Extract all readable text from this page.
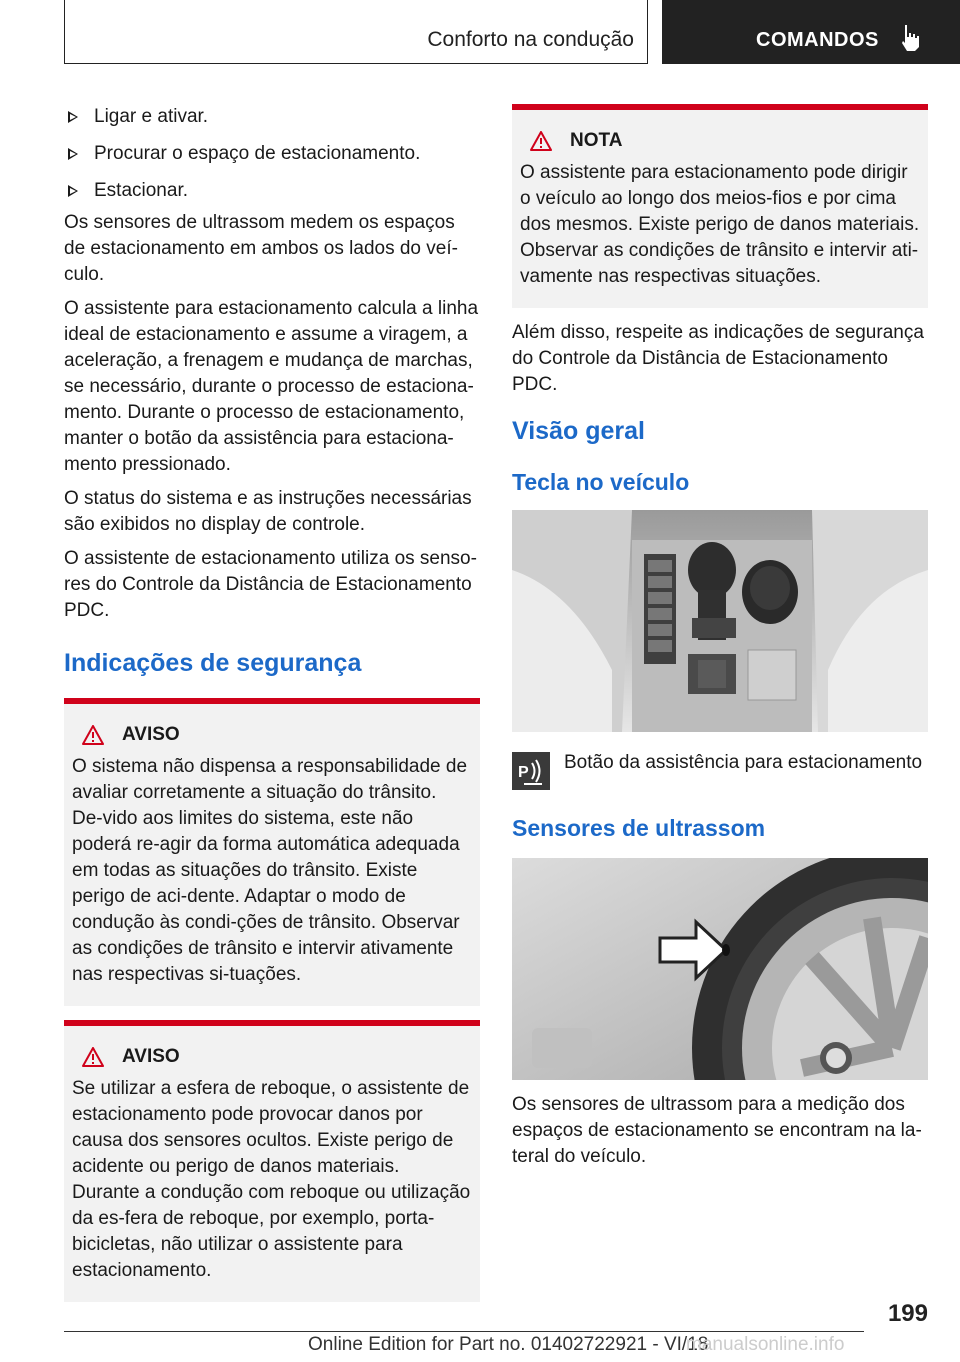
Conforto na condução	COMANDOS
Ligar e ativar.
Procurar o espaço de estacionamento.
Estacionar.

Os sensores de ultrassom medem os espaços de estacionamento em ambos os lados do veí-culo.

O assistente para estacionamento calcula a linha ideal de estacionamento e assume a viragem, a aceleração, a frenagem e mudança de marchas, se necessário, durante o processo de estaciona-mento. Durante o processo de estacionamento, manter o botão da assistência para estaciona-mento pressionado.

O status do sistema e as instruções necessárias são exibidos no display de controle.

O assistente de estacionamento utiliza os senso-res do Controle da Distância de Estacionamento PDC.

Indicações de segurança
AVISO

O sistema não dispensa a responsabilidade de avaliar corretamente a situação do trânsito. De-vido aos limites do sistema, este não poderá re-agir da forma automática adequada em todas as situações do trânsito. Existe perigo de aci-dente. Adaptar o modo de condução às condi-ções de trânsito. Observar as condições de trânsito e intervir ativamente nas respectivas si-tuações.

AVISO

Se utilizar a esfera de reboque, o assistente de estacionamento pode provocar danos por causa dos sensores ocultos. Existe perigo de acidente ou perigo de danos materiais. Durante a condução com reboque ou utilização da es-fera de reboque, por exemplo, porta-bicicletas, não utilizar o assistente para estacionamento.

NOTA

O assistente para estacionamento pode dirigir o veículo ao longo dos meios-fios e por cima dos mesmos. Existe perigo de danos materiais. Observar as condições de trânsito e intervir ati-vamente nas respectivas situações.

Além disso, respeite as indicações de segurança do Controle da Distância de Estacionamento PDC.

Visão geral
Tecla no veículo
P Botão da assistência para estacionamento
Sensores de ultrassom

Os sensores de ultrassom para a medição dos espaços de estacionamento se encontram na la-teral do veículo.

199
Online Edition for Part no. 01402722921 - VI/18
manualsonline.info
